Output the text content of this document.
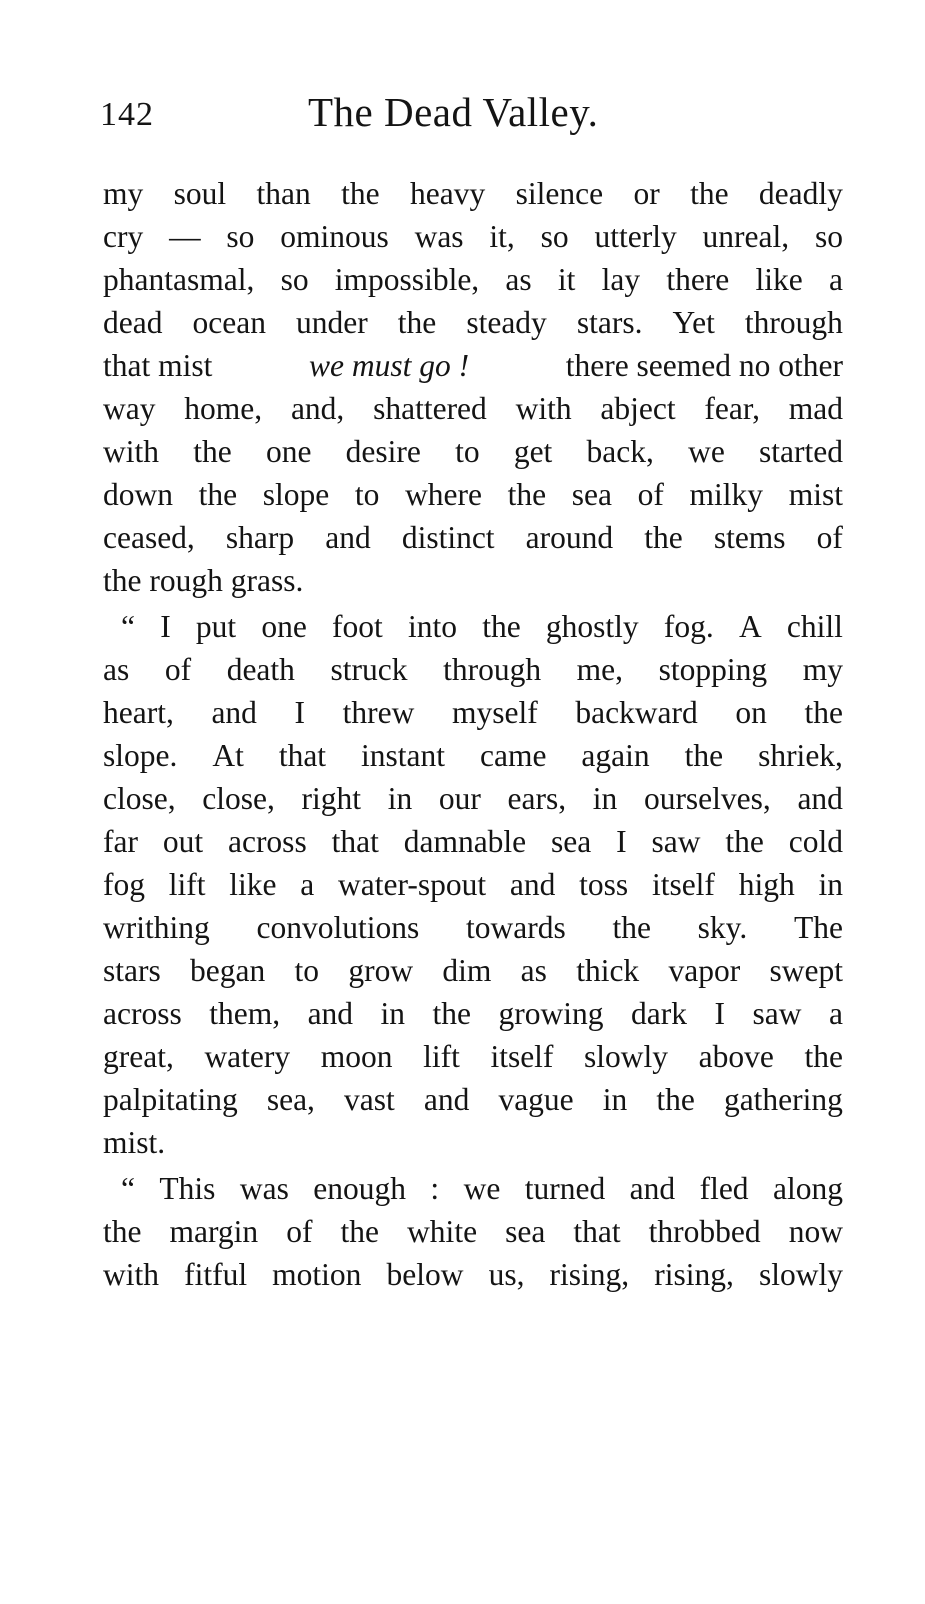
142	The Dead Valley.
my soul than the heavy silence or the deadly
cry — so ominous was it, so utterly unreal, so
phantasmal, so impossible, as it lay there like a
dead ocean under the steady stars. Yet through
that mist	we must go !	there seemed no other
way home, and, shattered with abject fear, mad
with the one desire to get back, we started
down the slope to where the sea of milky mist
ceased, sharp and distinct around the stems of
the rough grass.
“ I put one foot into the ghostly fog. A chill
as of death struck through me, stopping my
heart, and I threw myself backward on the
slope. At that instant came again the shriek,
close, close, right in our ears, in ourselves, and
far out across that damnable sea I saw the cold
fog lift like a water-spout and toss itself high in
writhing convolutions towards the sky. The
stars began to grow dim as thick vapor swept
across them, and in the growing dark I saw a
great, watery moon lift itself slowly above the
palpitating sea, vast and vague in the gathering
mist.
“ This was enough : we turned and fled along
the margin of the white sea that throbbed now
with fitful motion below us, rising, rising, slowly
